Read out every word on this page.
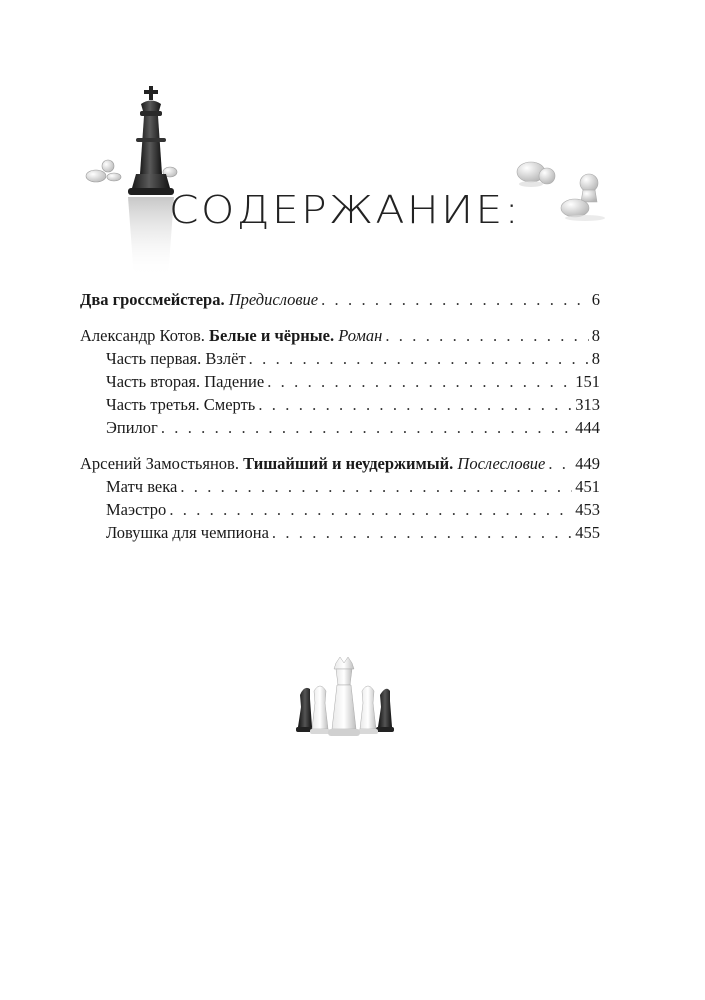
СОДЕРЖАНИЕ:
Два гроссмейстера. Предисловие . . .	6
Александр Котов. Белые и чёрные. Роман . . .	8
Часть первая. Взлёт . . .	8
Часть вторая. Падение . . .	151
Часть третья. Смерть . . .	313
Эпилог . . .	444
Арсений Замостьянов. Тишайший и неудержимый. Послесловие . . . 449
Матч века . . .	451
Маэстро . . .	453
Ловушка для чемпиона . . .	455
